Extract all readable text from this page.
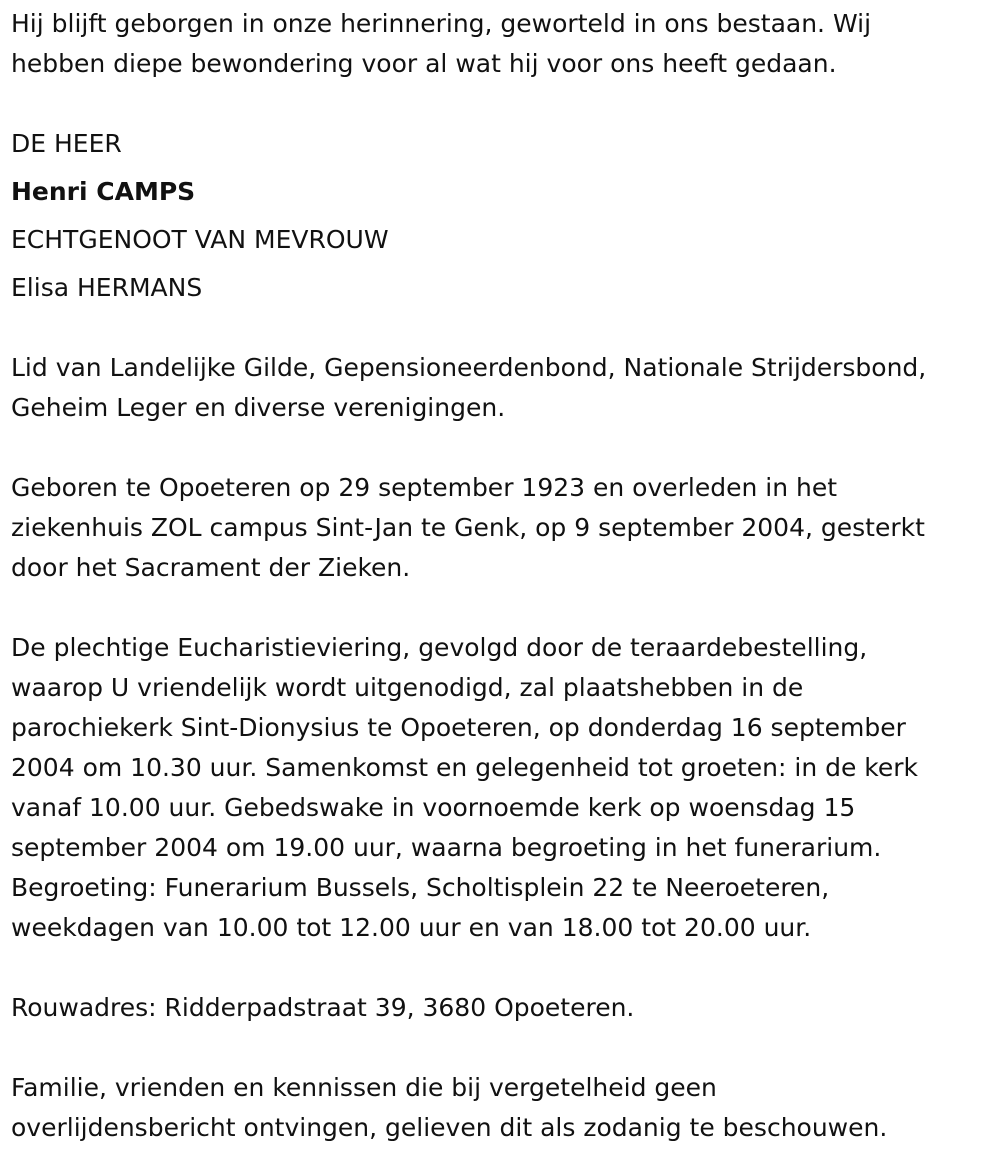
Hij blijft geborgen in onze herinnering, geworteld in ons bestaan. Wij

hebben diepe bewondering voor al wat hij voor ons heeft gedaan.

DE HEER

Henri CAMPS

ECHTGENOOT VAN MEVROUW

Elisa HERMANS

Lid van Landelijke Gilde, Gepensioneerdenbond, Nationale Strijdersbond,

Geheim Leger en diverse verenigingen.

Geboren te Opoeteren op 29 september 1923 en overleden in het

ziekenhuis ZOL campus Sint-Jan te Genk, op 9 september 2004, gesterkt

door het Sacrament der Zieken.

De plechtige Eucharistieviering, gevolgd door de teraardebestelling,

waarop U vriendelijk wordt uitgenodigd, zal plaatshebben in de

parochiekerk Sint-Dionysius te Opoeteren, op donderdag 16 september

2004 om 10.30 uur. Samenkomst en gelegenheid tot groeten: in de kerk

vanaf 10.00 uur. Gebedswake in voornoemde kerk op woensdag 15

september 2004 om 19.00 uur, waarna begroeting in het funerarium.

Begroeting: Funerarium Bussels, Scholtisplein 22 te Neeroeteren,

weekdagen van 10.00 tot 12.00 uur en van 18.00 tot 20.00 uur.

Rouwadres: Ridderpadstraat 39, 3680 Opoeteren.

Familie, vrienden en kennissen die bij vergetelheid geen

overlijdensbericht ontvingen, gelieven dit als zodanig te beschouwen.
